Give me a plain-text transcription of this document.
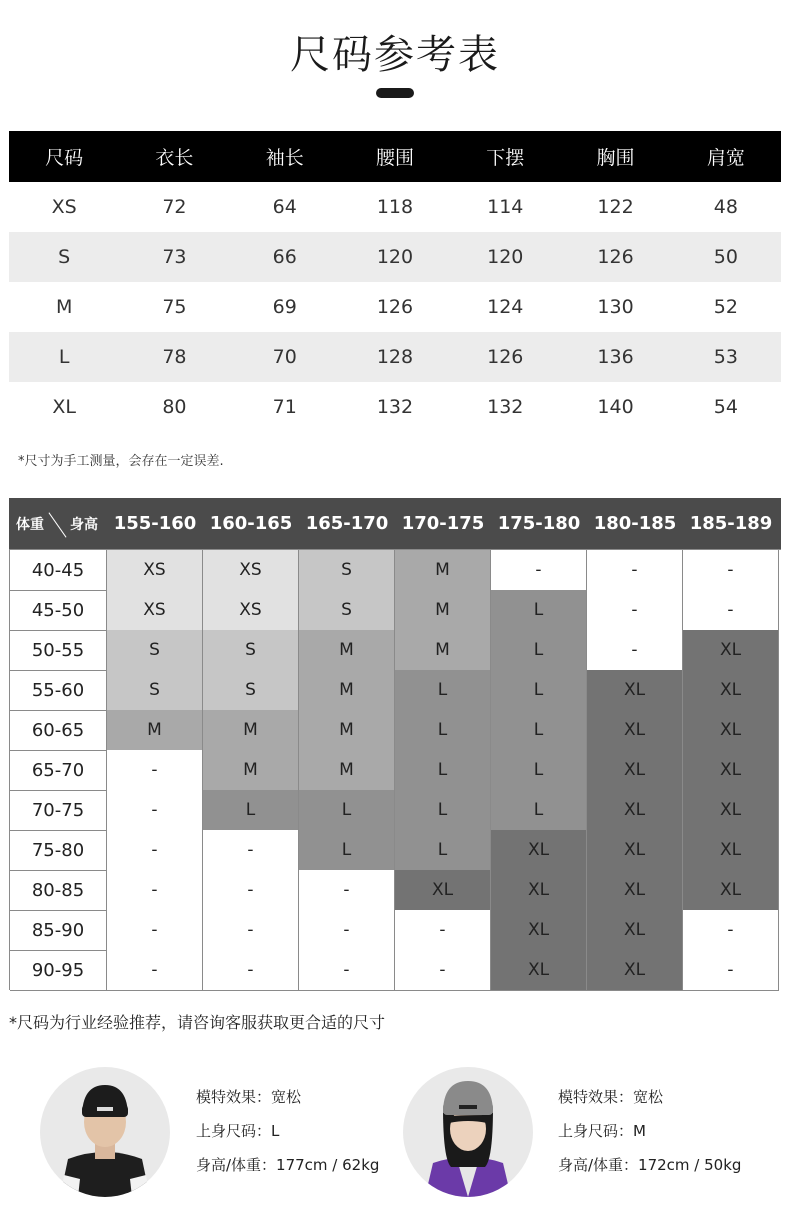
尺码参考表
尺码	衣长	袖长	腰围	下摆	胸围	肩宽
XS	72	64	118	114	122	48
S	73	66	120	120	126	50
M	75	69	126	124	130	52
L	78	70	128	126	136	53
XL	80	71	132	132	140	54
*尺寸为手工测量，会存在一定误差.
体重 身高 155-160 160-165 165-170 170-175 175-180 180-185 185-189
40-45	XS	XS	S	M	-	-	-
45-50	XS	XS	S	M	L	-	-
50-55	S	S	M	M	L	-	XL
55-60	S	S	M	L	L	XL	XL
60-65	M	M	M	L	L	XL	XL
65-70	-	M	M	L	L	XL	XL
70-75	-	L	L	L	L	XL	XL
75-80	-	-	L	L	XL	XL	XL
80-85	-	-	-	XL	XL	XL	XL
85-90	-	-	-	-	XL	XL	-
90-95	-	-	-	-	XL	XL	-
*尺码为行业经验推荐，请咨询客服获取更合适的尺寸
模特效果：宽松
上身尺码：L
身高/体重：177cm / 62kg
模特效果：宽松
上身尺码：M
身高/体重：172cm / 50kg
